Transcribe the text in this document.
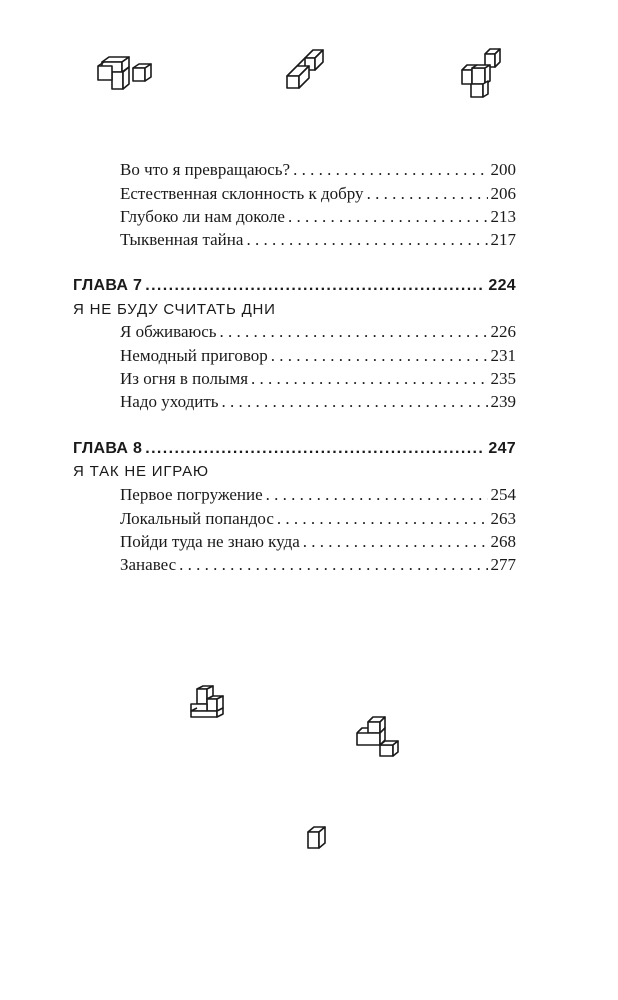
Во что я превращаюсь? . . .	200
Естественная склонность к добру . . .	206
Глубоко ли нам доколе . . .	213
Тыквенная тайна . . .	217
ГЛАВА 7 .....	224
Я НЕ БУДУ СЧИТАТЬ ДНИ
Я обживаюсь . . .	226
Немодный приговор . . .	231
Из огня в полымя . . .	235
Надо уходить . . .	239
ГЛАВА 8 .....	247
Я ТАК НЕ ИГРАЮ
Первое погружение . . .	254
Локальный попандос . . .	263
Пойди туда не знаю куда . . .	268
Занавес . . .	277
